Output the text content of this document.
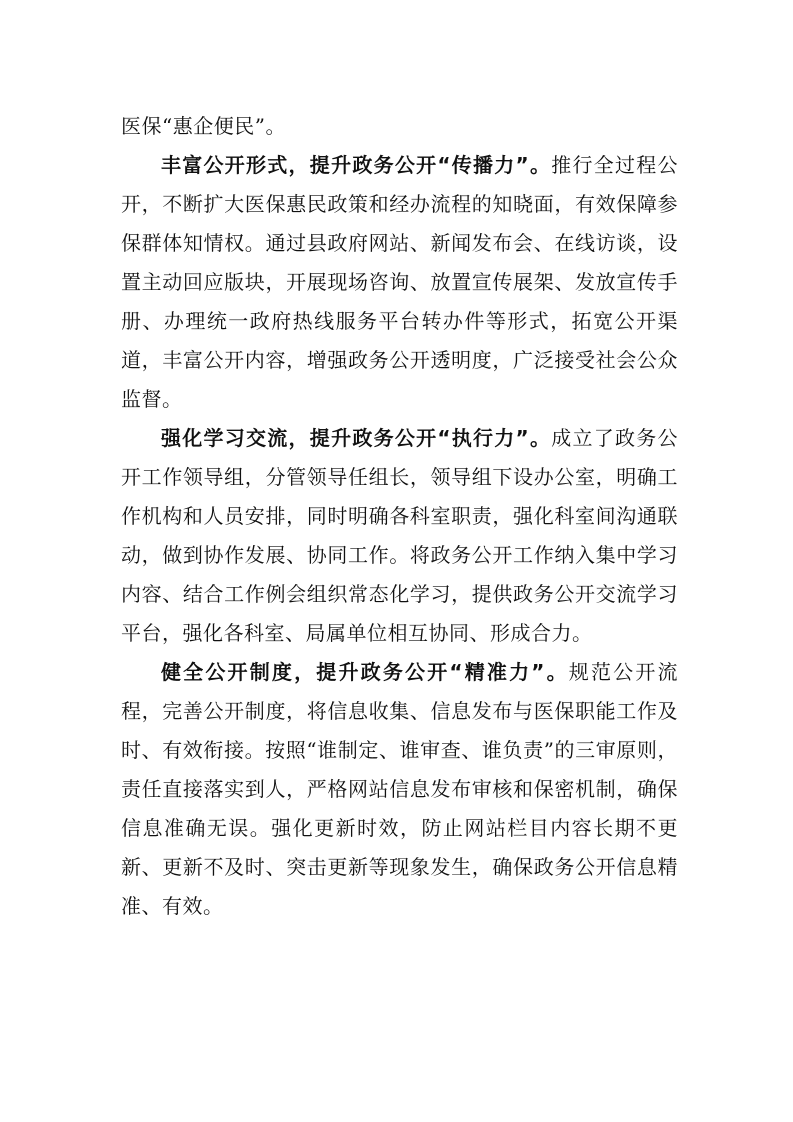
医保“惠企便民”。

丰富公开形式，提升政务公开“传播力”。推行全过程公开，不断扩大医保惠民政策和经办流程的知晓面，有效保障参保群体知情权。通过县政府网站、新闻发布会、在线访谈，设置主动回应版块，开展现场咨询、放置宣传展架、发放宣传手册、办理统一政府热线服务平台转办件等形式，拓宽公开渠道，丰富公开内容，增强政务公开透明度，广泛接受社会公众监督。

强化学习交流，提升政务公开“执行力”。成立了政务公开工作领导组，分管领导任组长，领导组下设办公室，明确工作机构和人员安排，同时明确各科室职责，强化科室间沟通联动，做到协作发展、协同工作。将政务公开工作纳入集中学习内容、结合工作例会组织常态化学习，提供政务公开交流学习平台，强化各科室、局属单位相互协同、形成合力。

健全公开制度，提升政务公开“精准力”。规范公开流程，完善公开制度，将信息收集、信息发布与医保职能工作及时、有效衔接。按照“谁制定、谁审查、谁负责”的三审原则，责任直接落实到人，严格网站信息发布审核和保密机制，确保信息准确无误。强化更新时效，防止网站栏目内容长期不更新、更新不及时、突击更新等现象发生，确保政务公开信息精准、有效。
